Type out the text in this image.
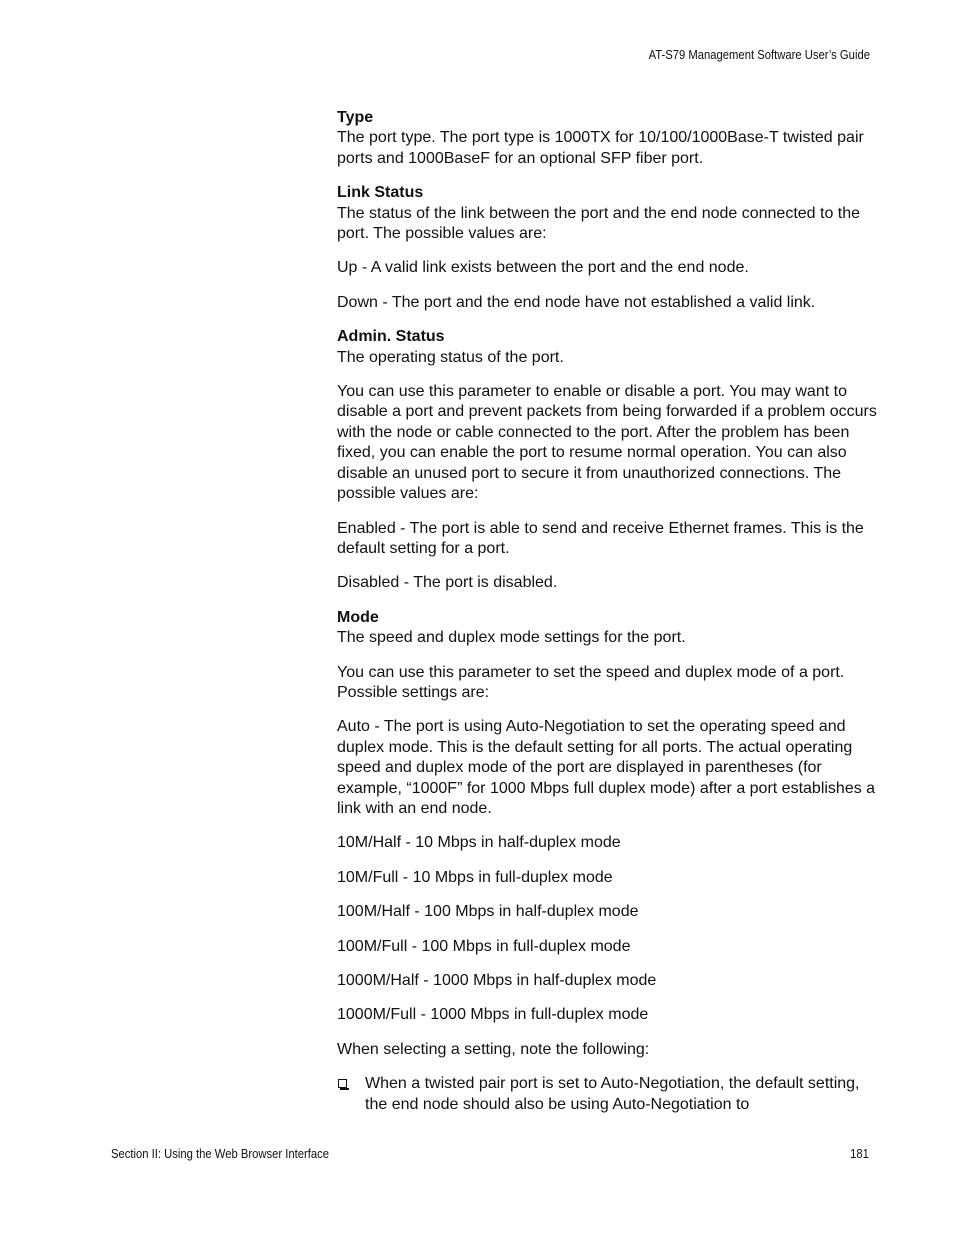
AT-S79 Management Software User’s Guide
Type

The port type. The port type is 1000TX for 10/100/1000Base-T twisted pair ports and 1000BaseF for an optional SFP fiber port.

Link Status

The status of the link between the port and the end node connected to the port. The possible values are:

Up - A valid link exists between the port and the end node.

Down - The port and the end node have not established a valid link.

Admin. Status

The operating status of the port.

You can use this parameter to enable or disable a port. You may want to disable a port and prevent packets from being forwarded if a problem occurs with the node or cable connected to the port. After the problem has been fixed, you can enable the port to resume normal operation. You can also disable an unused port to secure it from unauthorized connections. The possible values are:

Enabled - The port is able to send and receive Ethernet frames. This is the default setting for a port.

Disabled - The port is disabled.

Mode

The speed and duplex mode settings for the port.

You can use this parameter to set the speed and duplex mode of a port. Possible settings are:

Auto - The port is using Auto-Negotiation to set the operating speed and duplex mode. This is the default setting for all ports. The actual operating speed and duplex mode of the port are displayed in parentheses (for example, “1000F” for 1000 Mbps full duplex mode) after a port establishes a link with an end node.

10M/Half - 10 Mbps in half-duplex mode

10M/Full - 10 Mbps in full-duplex mode

100M/Half - 100 Mbps in half-duplex mode

100M/Full - 100 Mbps in full-duplex mode

1000M/Half - 1000 Mbps in half-duplex mode

1000M/Full - 1000 Mbps in full-duplex mode

When selecting a setting, note the following:

When a twisted pair port is set to Auto-Negotiation, the default setting, the end node should also be using Auto-Negotiation to
Section II: Using the Web Browser Interface	181
